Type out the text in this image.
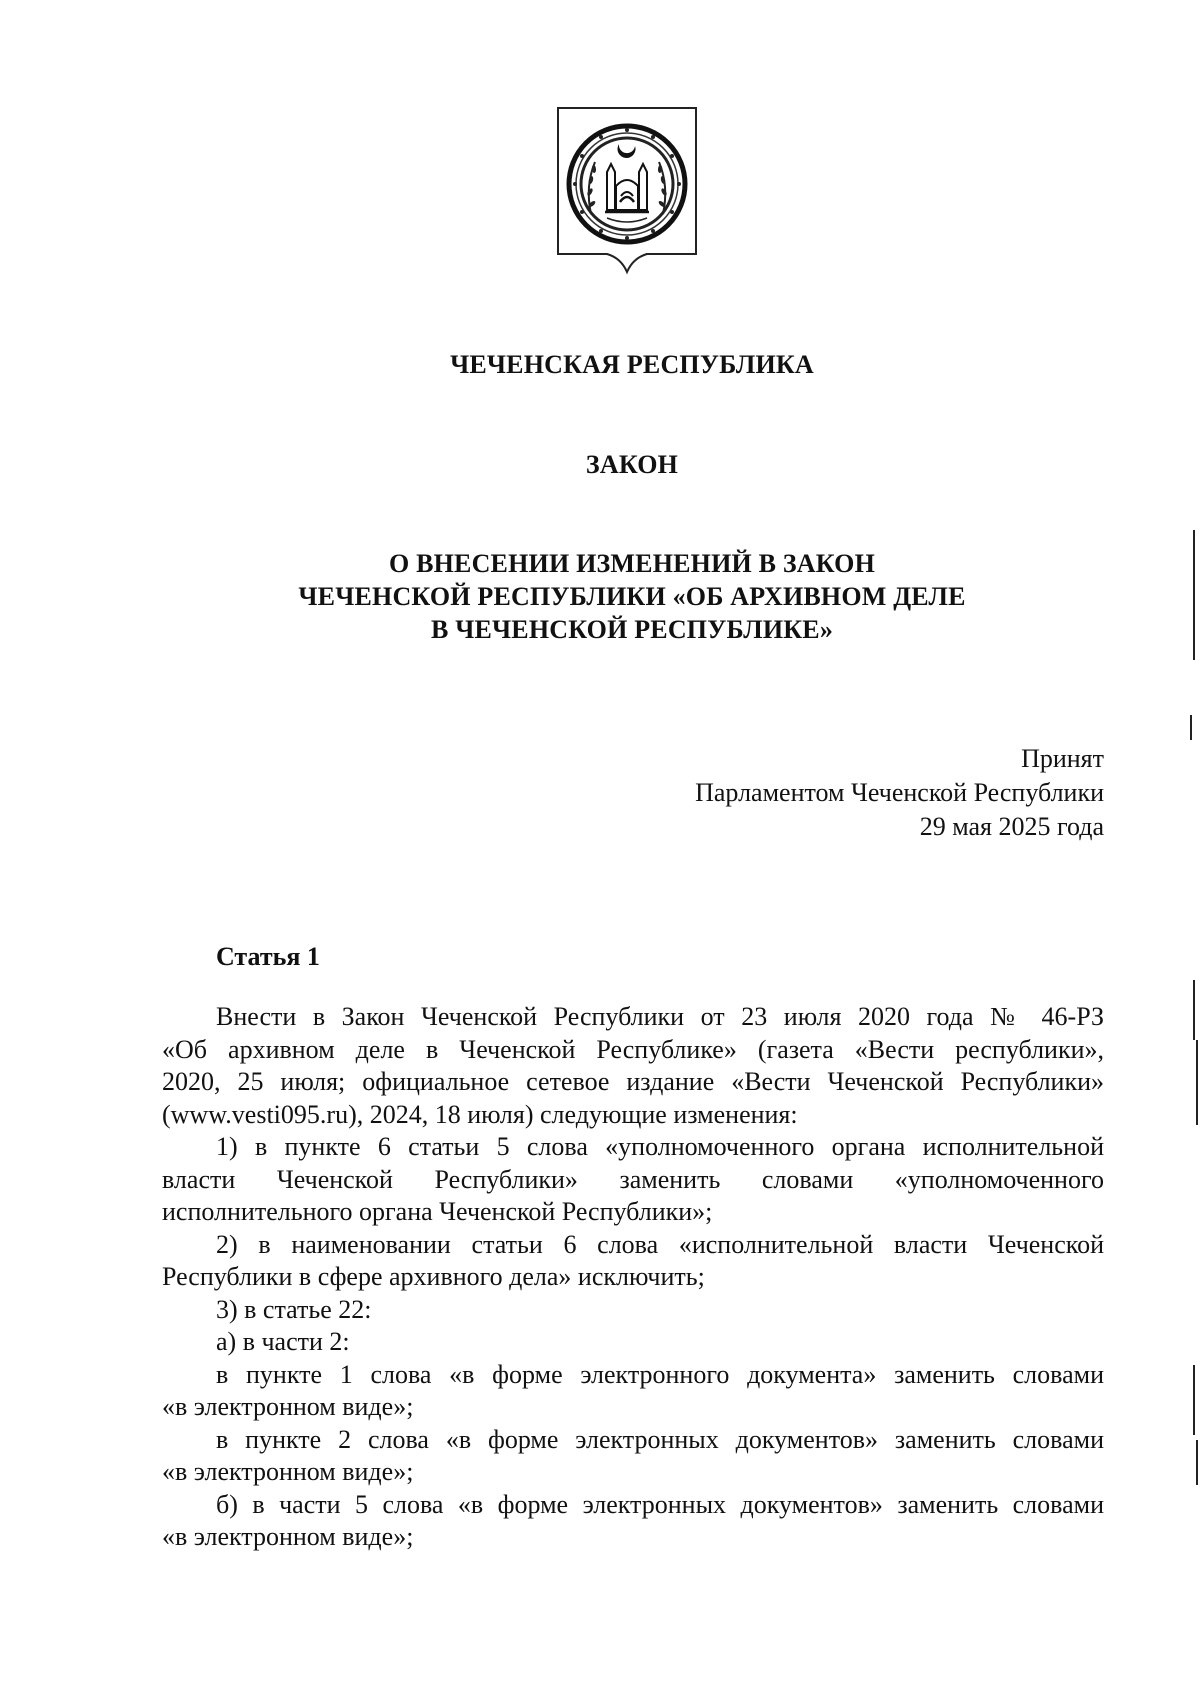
ЧЕЧЕНСКАЯ РЕСПУБЛИКА
ЗАКОН
О ВНЕСЕНИИ ИЗМЕНЕНИЙ В ЗАКОН
ЧЕЧЕНСКОЙ РЕСПУБЛИКИ «ОБ АРХИВНОМ ДЕЛЕ
В ЧЕЧЕНСКОЙ РЕСПУБЛИКЕ»
Принят
Парламентом Чеченской Республики
29 мая 2025 года
Статья 1
Внести в Закон Чеченской Республики от 23 июля 2020 года № 46-РЗ
«Об архивном деле в Чеченской Республике» (газета «Вести республики»,
2020, 25 июля; официальное сетевое издание «Вести Чеченской Республики»
(www.vesti095.ru), 2024, 18 июля) следующие изменения:
1) в пункте 6 статьи 5 слова «уполномоченного органа исполнительной
власти Чеченской Республики» заменить словами «уполномоченного
исполнительного органа Чеченской Республики»;
2) в наименовании статьи 6 слова «исполнительной власти Чеченской
Республики в сфере архивного дела» исключить;
3) в статье 22:
а) в части 2:
в пункте 1 слова «в форме электронного документа» заменить словами
«в электронном виде»;
в пункте 2 слова «в форме электронных документов» заменить словами
«в электронном виде»;
б) в части 5 слова «в форме электронных документов» заменить словами
«в электронном виде»;
